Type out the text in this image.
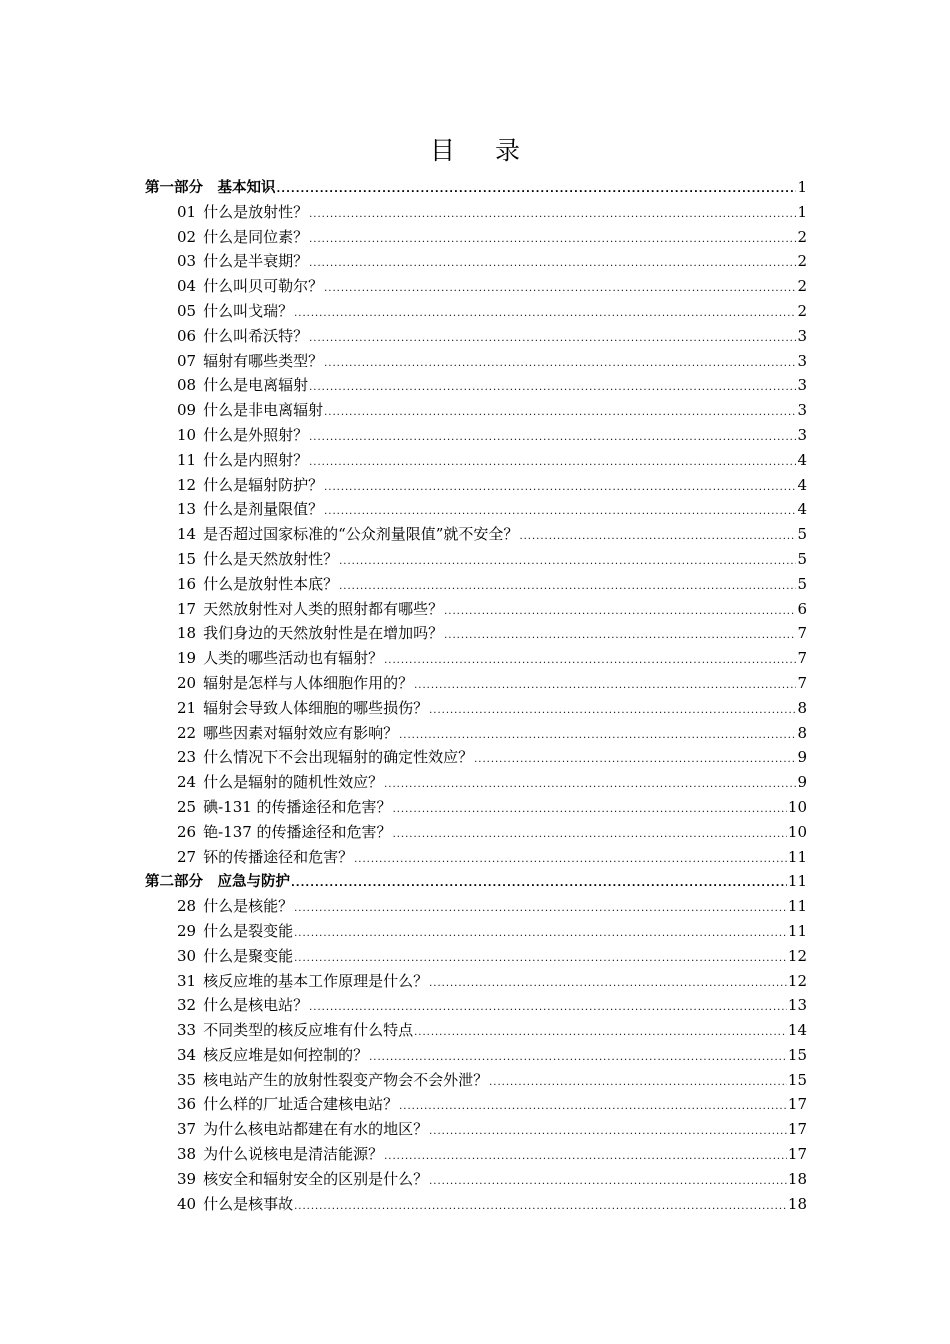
目 录
第一部分　基本知识 .....	1
01 什么是放射性？ .....	1
02 什么是同位素？ .....	2
03 什么是半衰期？ .....	2
04 什么叫贝可勒尔？ .....	2
05 什么叫戈瑞？ .....	2
06 什么叫希沃特？ .....	3
07 辐射有哪些类型？ .....	3
08 什么是电离辐射 .....	3
09 什么是非电离辐射 .....	3
10 什么是外照射？ .....	3
11 什么是内照射？ .....	4
12 什么是辐射防护？ .....	4
13 什么是剂量限值？ .....	4
14 是否超过国家标准的“公众剂量限值”就不安全？ .....	5
15 什么是天然放射性？ .....	5
16 什么是放射性本底？ .....	5
17 天然放射性对人类的照射都有哪些？ .....	6
18 我们身边的天然放射性是在增加吗？ .....	7
19 人类的哪些活动也有辐射？ .....	7
20 辐射是怎样与人体细胞作用的？ .....	7
21 辐射会导致人体细胞的哪些损伤？ .....	8
22 哪些因素对辐射效应有影响？ .....	8
23 什么情况下不会出现辐射的确定性效应？ .....	9
24 什么是辐射的随机性效应？ .....	9
25 碘-131 的传播途径和危害？ .....	10
26 铯-137 的传播途径和危害？ .....	10
27 钚的传播途径和危害？ .....	11
第二部分　应急与防护 .....	11
28 什么是核能？ .....	11
29 什么是裂变能 .....	11
30 什么是聚变能 .....	12
31 核反应堆的基本工作原理是什么？ .....	12
32 什么是核电站？ .....	13
33 不同类型的核反应堆有什么特点 .....	14
34 核反应堆是如何控制的？ .....	15
35 核电站产生的放射性裂变产物会不会外泄？ .....	15
36 什么样的厂址适合建核电站？ .....	17
37 为什么核电站都建在有水的地区？ .....	17
38 为什么说核电是清洁能源？ .....	17
39 核安全和辐射安全的区别是什么？ .....	18
40 什么是核事故 .....	18
